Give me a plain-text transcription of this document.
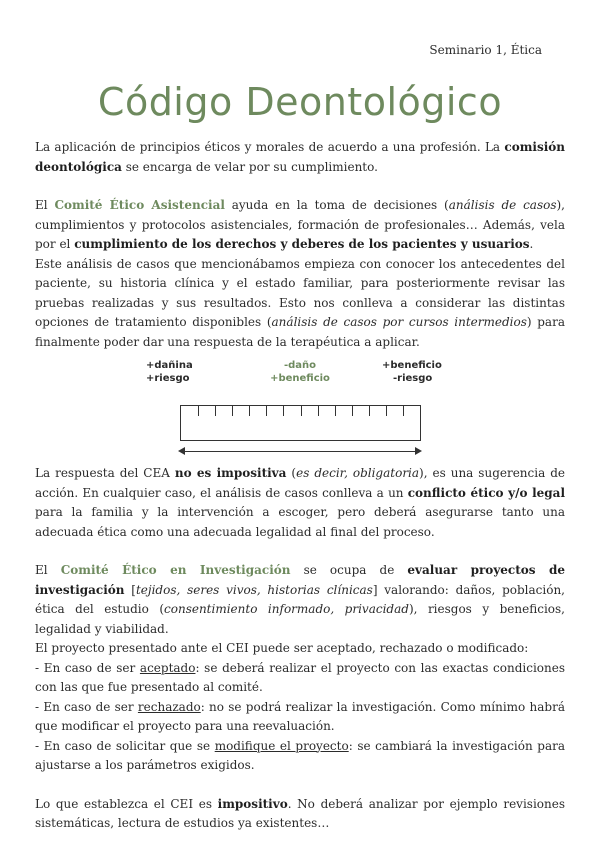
Seminario 1, Ética
Código Deontológico

La aplicación de principios éticos y morales de acuerdo a una profesión. La comisión deontológica se encarga de velar por su cumplimiento.

El Comité Ético Asistencial ayuda en la toma de decisiones (análisis de casos), cumplimientos y protocolos asistenciales, formación de profesionales… Además, vela por el cumplimiento de los derechos y deberes de los pacientes y usuarios.

Este análisis de casos que mencionábamos empieza con conocer los antecedentes del paciente, su historia clínica y el estado familiar, para posteriormente revisar las pruebas realizadas y sus resultados. Esto nos conlleva a considerar las distintas opciones de tratamiento disponibles (análisis de casos por cursos intermedios) para finalmente poder dar una respuesta de la terapéutica a aplicar.

+dañina
+riesgo
-daño
+beneficio
+beneficio
-riesgo

La respuesta del CEA no es impositiva (es decir, obligatoria), es una sugerencia de acción. En cualquier caso, el análisis de casos conlleva a un conflicto ético y/o legal para la familia y la intervención a escoger, pero deberá asegurarse tanto una adecuada ética como una adecuada legalidad al final del proceso.

El Comité Ético en Investigación se ocupa de evaluar proyectos de investigación [tejidos, seres vivos, historias clínicas] valorando: daños, población, ética del estudio (consentimiento informado, privacidad), riesgos y beneficios, legalidad y viabilidad.

El proyecto presentado ante el CEI puede ser aceptado, rechazado o modificado:

- En caso de ser aceptado: se deberá realizar el proyecto con las exactas condiciones con las que fue presentado al comité.

- En caso de ser rechazado: no se podrá realizar la investigación. Como mínimo habrá que modificar el proyecto para una reevaluación.

- En caso de solicitar que se modifique el proyecto: se cambiará la investigación para ajustarse a los parámetros exigidos.

Lo que establezca el CEI es impositivo. No deberá analizar por ejemplo revisiones sistemáticas, lectura de estudios ya existentes…
